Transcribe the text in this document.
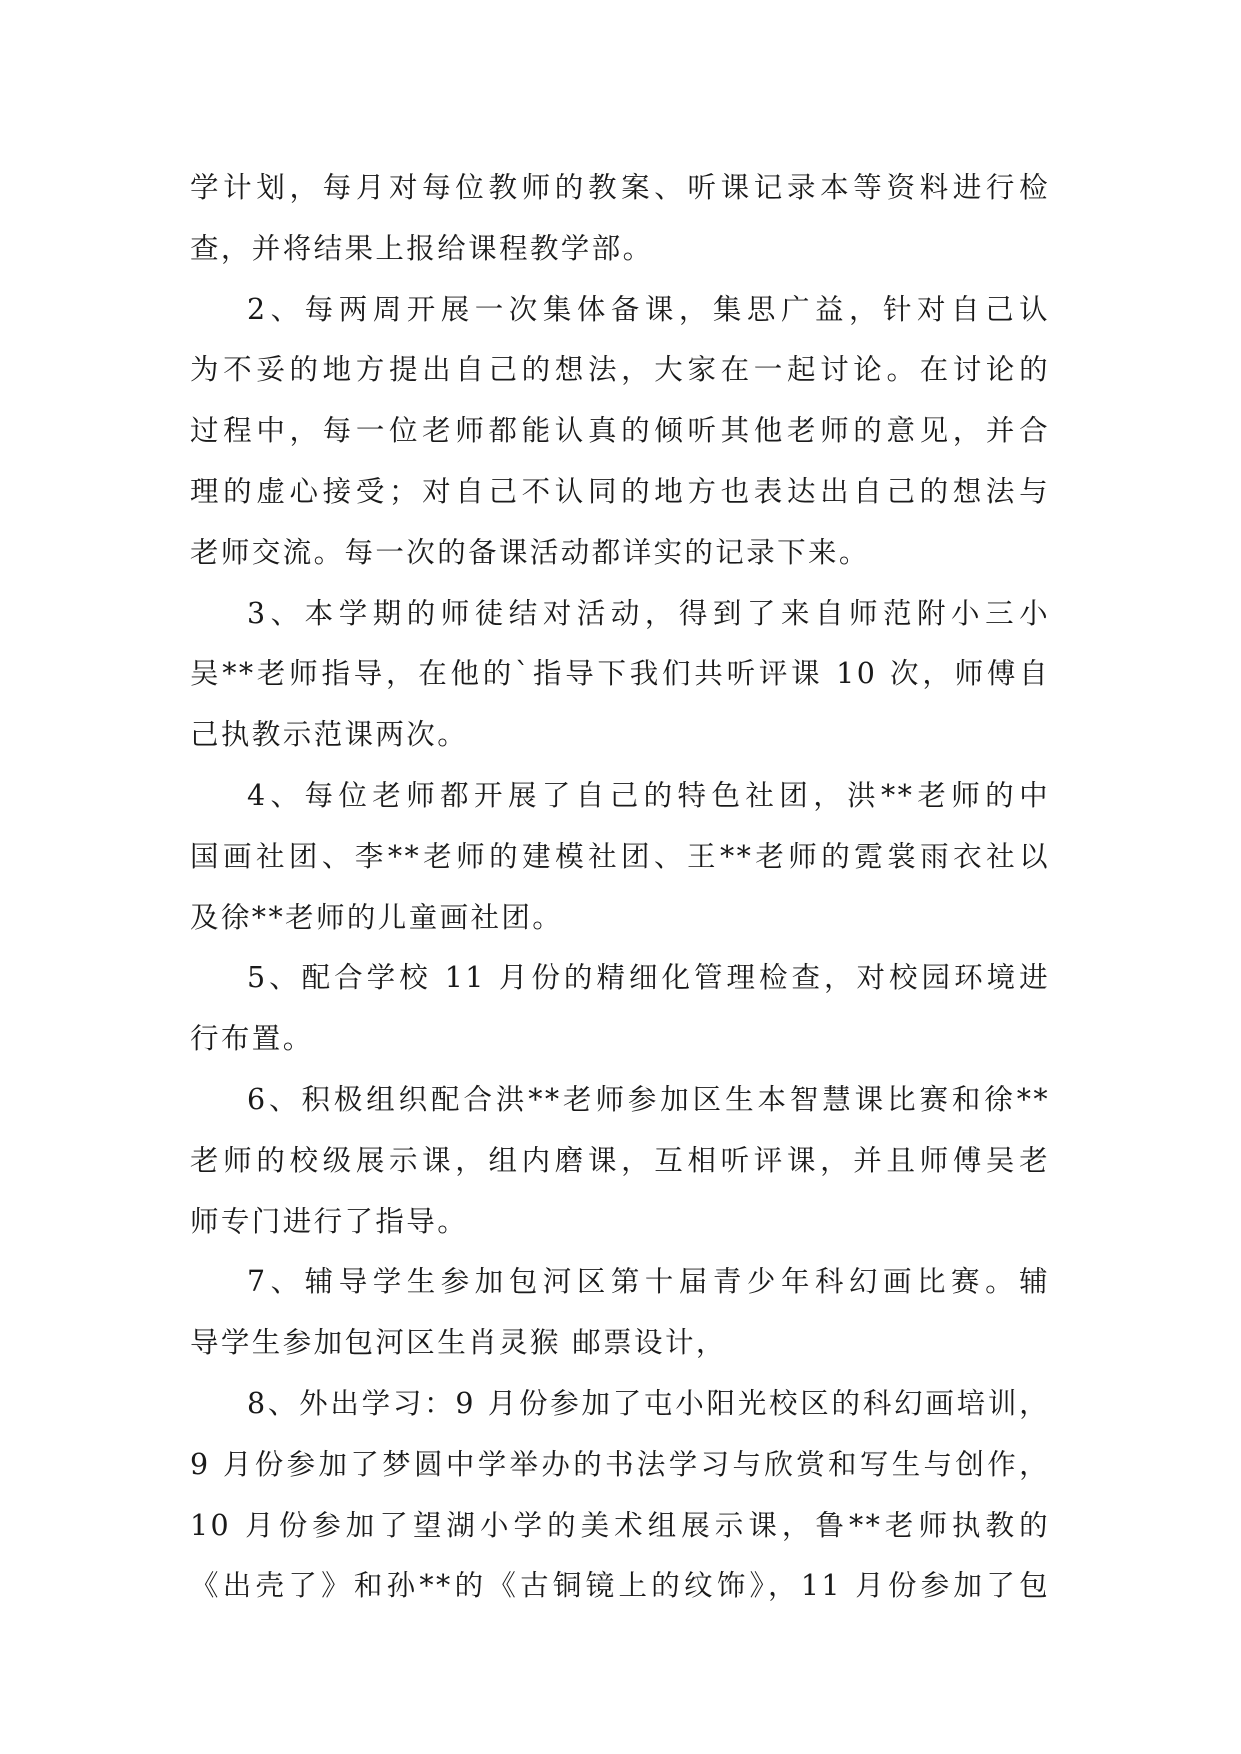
学计划，每月对每位教师的教案、听课记录本等资料进行检
查，并将结果上报给课程教学部。
2、每两周开展一次集体备课，集思广益，针对自己认
为不妥的地方提出自己的想法，大家在一起讨论。在讨论的
过程中，每一位老师都能认真的倾听其他老师的意见，并合
理的虚心接受；对自己不认同的地方也表达出自己的想法与
老师交流。每一次的备课活动都详实的记录下来。
3、本学期的师徒结对活动，得到了来自师范附小三小
吴**老师指导，在他的`指导下我们共听评课 10 次，师傅自
己执教示范课两次。
4、每位老师都开展了自己的特色社团，洪**老师的中
国画社团、李**老师的建模社团、王**老师的霓裳雨衣社以
及徐**老师的儿童画社团。
5、配合学校 11 月份的精细化管理检查，对校园环境进
行布置。
6、积极组织配合洪**老师参加区生本智慧课比赛和徐**
老师的校级展示课，组内磨课，互相听评课，并且师傅吴老
师专门进行了指导。
7、辅导学生参加包河区第十届青少年科幻画比赛。辅
导学生参加包河区生肖灵猴 邮票设计，
8、外出学习：9 月份参加了屯小阳光校区的科幻画培训，
9 月份参加了梦圆中学举办的书法学习与欣赏和写生与创作，
10 月份参加了望湖小学的美术组展示课，鲁**老师执教的
《出壳了》和孙**的《古铜镜上的纹饰》，11 月份参加了包
